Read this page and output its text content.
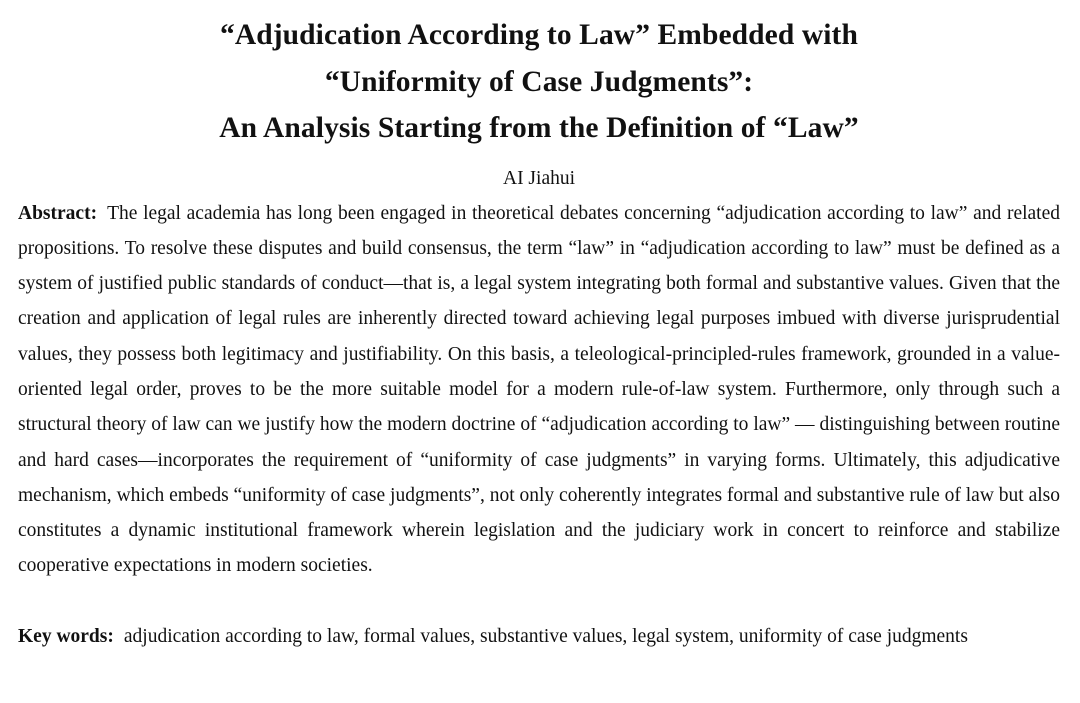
“Adjudication According to Law” Embedded with
“Uniformity of Case Judgments”:
An Analysis Starting from the Definition of “Law”
AI Jiahui
Abstract: The legal academia has long been engaged in theoretical debates concerning “adjudication according to law” and related propositions. To resolve these disputes and build consensus, the term “law” in “adjudication according to law” must be defined as a system of justified public standards of conduct—that is, a legal system integrating both formal and substantive values. Given that the creation and application of legal rules are inherently directed toward achieving legal purposes imbued with diverse jurisprudential values, they possess both legitimacy and justifiability. On this basis, a teleological-principled-rules framework, grounded in a value-oriented legal order, proves to be the more suitable model for a modern rule-of-law system. Furthermore, only through such a structural theory of law can we justify how the modern doctrine of “adjudication according to law” — distinguishing between routine and hard cases—incorporates the requirement of “uniformity of case judgments” in varying forms. Ultimately, this adjudicative mechanism, which embeds “uniformity of case judgments”, not only coherently integrates formal and substantive rule of law but also constitutes a dynamic institutional framework wherein legislation and the judiciary work in concert to reinforce and stabilize cooperative expectations in modern societies.
Key words: adjudication according to law, formal values, substantive values, legal system, uniformity of case judgments
